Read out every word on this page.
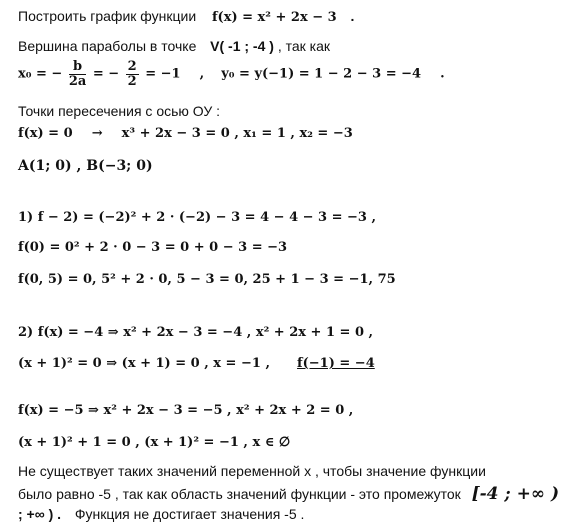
Построить график функции f(x) = x² + 2x − 3 .
Вершина параболы в точке V( -1 ; -4 ) , так как
x₀ = − $\frac{b}{2a}$ = − $\frac{2}{2} = -1$ , y₀ = y(−1) = 1 − 2 − 3 = −4 .
Точки пересечения с осью ОУ :
f(x) = 0 → x³ + 2x − 3 = 0 , x₁ = 1 , x₂ = −3
A(1; 0) , B(−3; 0)
1) f − 2) = (−2)² + 2 · (−2) − 3 = 4 − 4 − 3 = −3 ,
f(0) = 0² + 2 · 0 − 3 = 0 + 0 − 3 = −3
f(0, 5) = 0, 5² + 2 · 0, 5 − 3 = 0, 25 + 1 − 3 = −1, 75
2) f(x) = −4 ⇒ x² + 2x − 3 = −4 , x² + 2x + 1 = 0 ,
(x + 1)² = 0 ⇒ (x + 1) = 0 , x = −1 , f(−1) = −4
f(x) = −5 ⇒ x² + 2x − 3 = −5 , x² + 2x + 2 = 0 ,
(x + 1)² + 1 = 0 , (x + 1)² = −1 , x ∈ ∅
Не существует таких значений переменной x , чтобы значение функции
было равно -5 , так как область значений функции - это промежуток [-4 ; +∞ )
; +∞ ) . Функция не достигает значения -5 .
